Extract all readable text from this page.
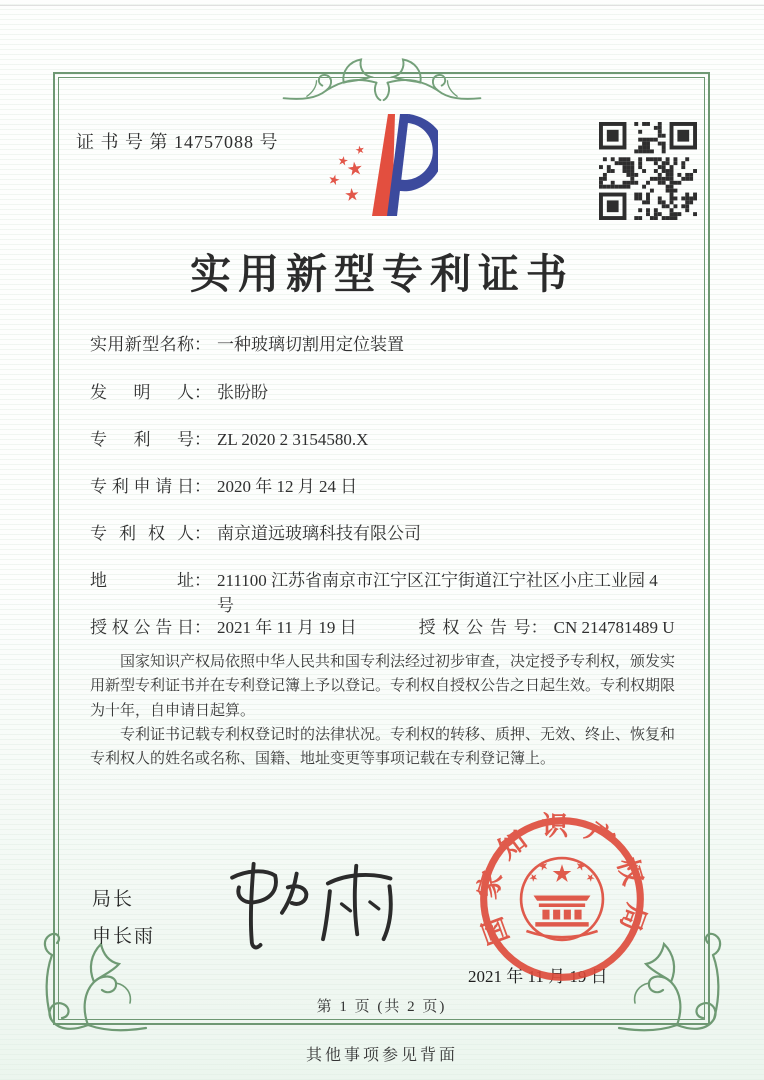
证 书 号 第 14757088 号
实用新型专利证书
实用新型名称 ： 一种玻璃切割用定位装置
发明人 ： 张盼盼
专利号 ： ZL 2020 2 3154580.X
专利申请日 ： 2020 年 12 月 24 日
专利权人 ： 南京道远玻璃科技有限公司
地址 ： 211100 江苏省南京市江宁区江宁街道江宁社区小庄工业园 4 号
授权公告日 ： 2021 年 11 月 19 日	授权公告号 ： CN 214781489 U

国家知识产权局依照中华人民共和国专利法经过初步审查，决定授予专利权，颁发实用新型专利证书并在专利登记簿上予以登记。专利权自授权公告之日起生效。专利权期限为十年，自申请日起算。

专利证书记载专利权登记时的法律状况。专利权的转移、质押、无效、终止、恢复和专利权人的姓名或名称、国籍、地址变更等事项记载在专利登记簿上。

局长
申长雨
2021 年 11 月 19 日
国家知识产权局
第 1 页 (共 2 页)
其他事项参见背面
